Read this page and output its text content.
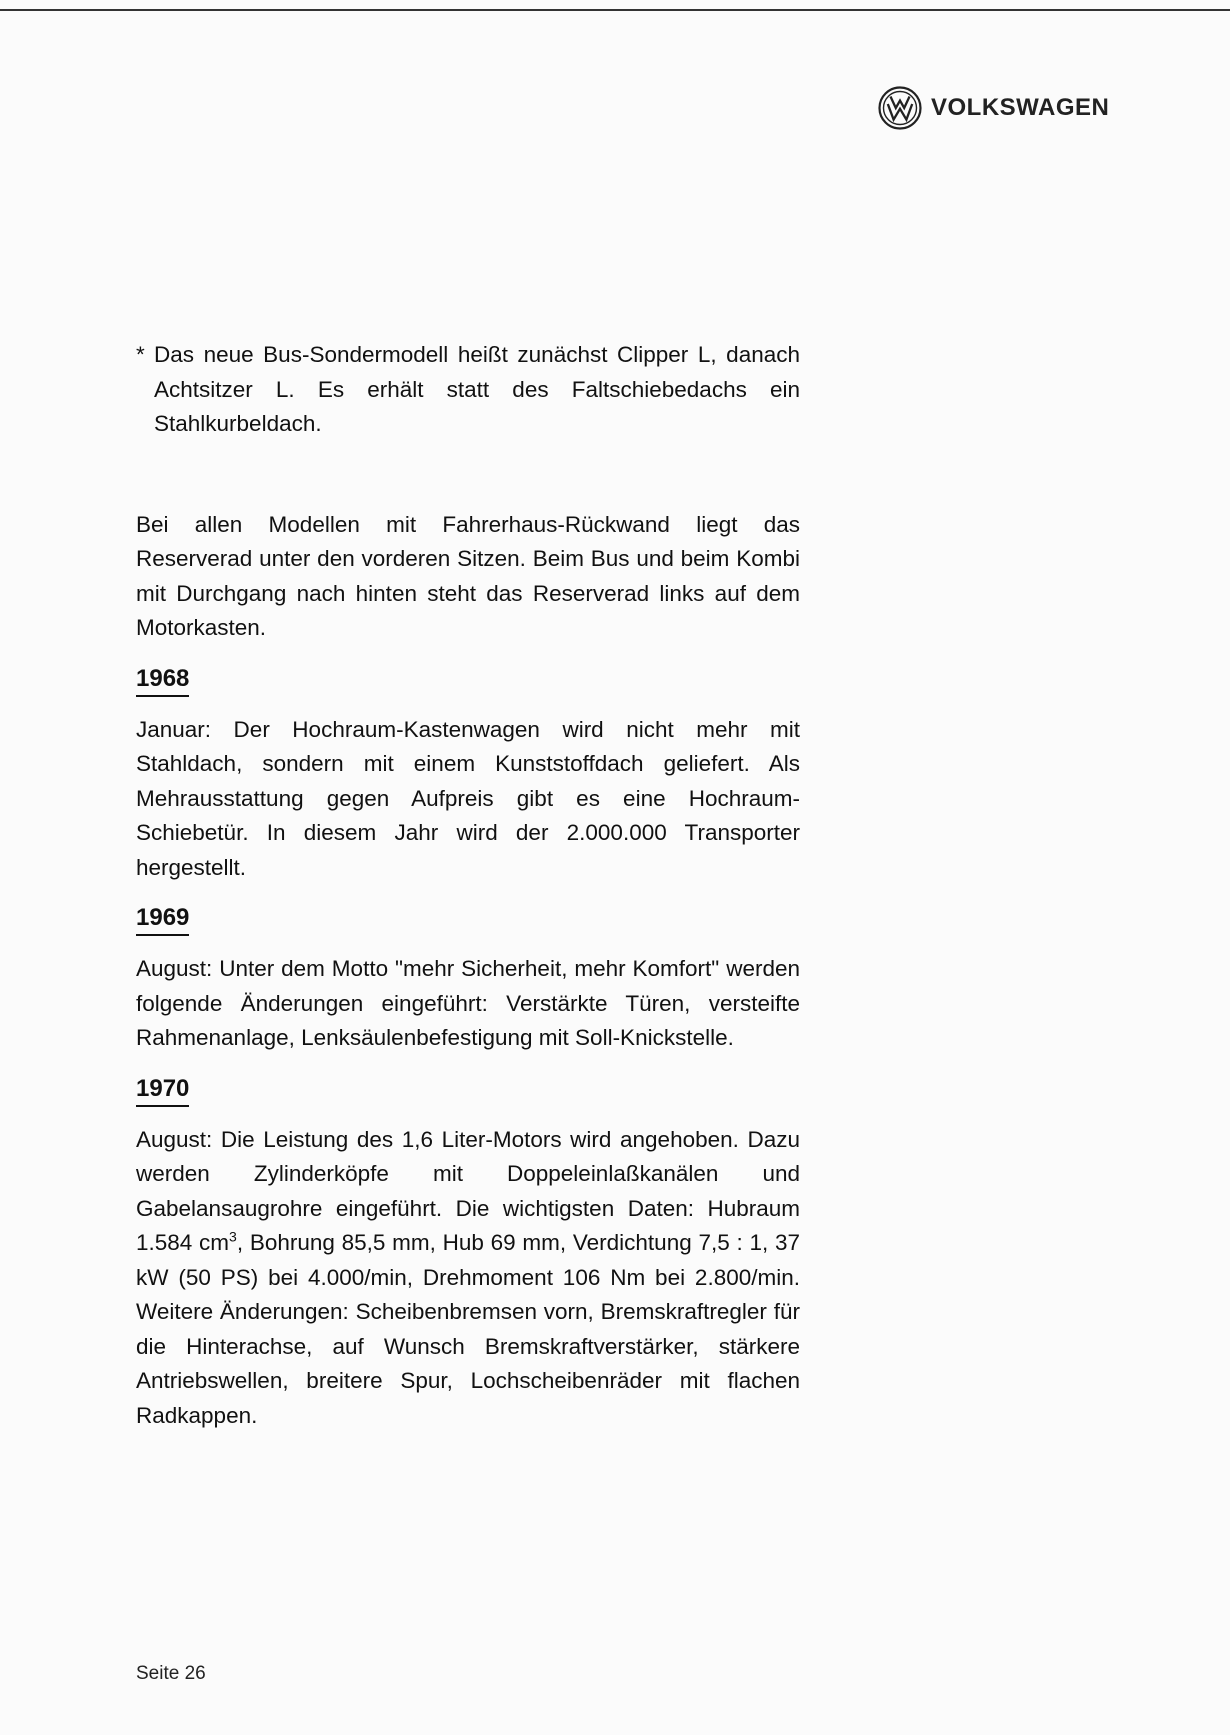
VOLKSWAGEN
* Das neue Bus-Sondermodell heißt zunächst Clipper L, danach Achtsitzer L. Es erhält statt des Faltschiebedachs ein Stahlkurbeldach.

Bei allen Modellen mit Fahrerhaus-Rückwand liegt das Reserverad unter den vorderen Sitzen. Beim Bus und beim Kombi mit Durchgang nach hinten steht das Reserverad links auf dem Motorkasten.

1968

Januar: Der Hochraum-Kastenwagen wird nicht mehr mit Stahldach, sondern mit einem Kunststoffdach geliefert. Als Mehrausstattung gegen Aufpreis gibt es eine Hochraum-Schiebetür. In diesem Jahr wird der 2.000.000 Transporter hergestellt.

1969

August: Unter dem Motto "mehr Sicherheit, mehr Komfort" werden folgende Änderungen eingeführt: Verstärkte Türen, versteifte Rahmenanlage, Lenksäulenbefestigung mit Soll-Knickstelle.

1970

August: Die Leistung des 1,6 Liter-Motors wird angehoben. Dazu werden Zylinderköpfe mit Doppeleinlaßkanälen und Gabelansaugrohre eingeführt. Die wichtigsten Daten: Hubraum 1.584 $cm^3$, Bohrung 85,5 mm, Hub 69 mm, Verdichtung 7,5 : 1, 37 kW (50 PS) bei 4.000/min, Drehmoment 106 Nm bei 2.800/min. Weitere Änderungen: Scheibenbremsen vorn, Bremskraftregler für die Hinterachse, auf Wunsch Bremskraftverstärker, stärkere Antriebswellen, breitere Spur, Lochscheibenräder mit flachen Radkappen.

Seite 26
